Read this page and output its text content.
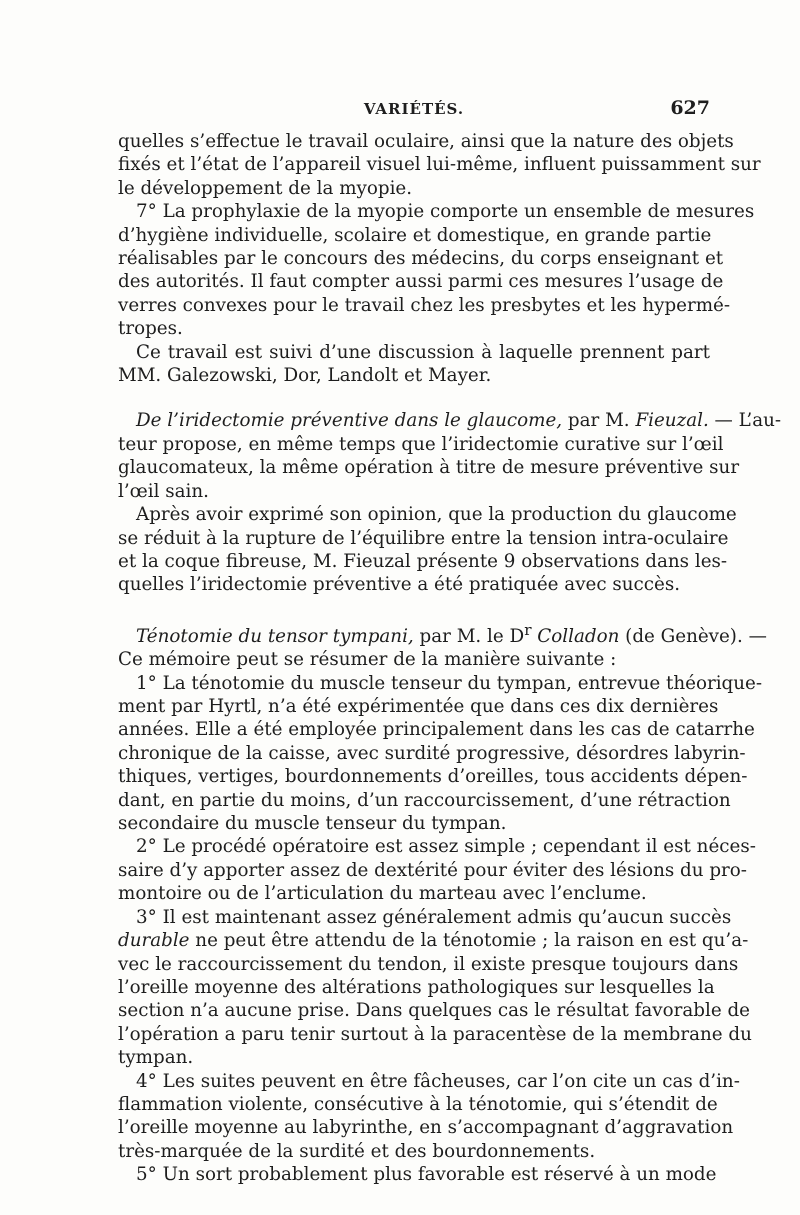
VARIÉTÉS.	627
quelles s’effectue le travail oculaire, ainsi que la nature des objets
fixés et l’état de l’appareil visuel lui-même, influent puissamment sur
le développement de la myopie.
7° La prophylaxie de la myopie comporte un ensemble de mesures
d’hygiène individuelle, scolaire et domestique, en grande partie
réalisables par le concours des médecins, du corps enseignant et
des autorités. Il faut compter aussi parmi ces mesures l’usage de
verres convexes pour le travail chez les presbytes et les hypermé-
tropes.
Ce travail est suivi d’une discussion à laquelle prennent part
MM. Galezowski, Dor, Landolt et Mayer.
De l’iridectomie préventive dans le glaucome, par M. Fieuzal. — L’au-
teur propose, en même temps que l’iridectomie curative sur l’œil
glaucomateux, la même opération à titre de mesure préventive sur
l’œil sain.
Après avoir exprimé son opinion, que la production du glaucome
se réduit à la rupture de l’équilibre entre la tension intra-oculaire
et la coque fibreuse, M. Fieuzal présente 9 observations dans les-
quelles l’iridectomie préventive a été pratiquée avec succès.
Ténotomie du tensor tympani, par M. le $D^r$ Colladon (de Genève). —
Ce mémoire peut se résumer de la manière suivante :
1° La ténotomie du muscle tenseur du tympan, entrevue théorique-
ment par Hyrtl, n’a été expérimentée que dans ces dix dernières
années. Elle a été employée principalement dans les cas de catarrhe
chronique de la caisse, avec surdité progressive, désordres labyrin-
thiques, vertiges, bourdonnements d’oreilles, tous accidents dépen-
dant, en partie du moins, d’un raccourcissement, d’une rétraction
secondaire du muscle tenseur du tympan.
2° Le procédé opératoire est assez simple ; cependant il est néces-
saire d’y apporter assez de dextérité pour éviter des lésions du pro-
montoire ou de l’articulation du marteau avec l’enclume.
3° Il est maintenant assez généralement admis qu’aucun succès
durable ne peut être attendu de la ténotomie ; la raison en est qu’a-
vec le raccourcissement du tendon, il existe presque toujours dans
l’oreille moyenne des altérations pathologiques sur lesquelles la
section n’a aucune prise. Dans quelques cas le résultat favorable de
l’opération a paru tenir surtout à la paracentèse de la membrane du
tympan.
4° Les suites peuvent en être fâcheuses, car l’on cite un cas d’in-
flammation violente, consécutive à la ténotomie, qui s’étendit de
l’oreille moyenne au labyrinthe, en s’accompagnant d’aggravation
très-marquée de la surdité et des bourdonnements.
5° Un sort probablement plus favorable est réservé à un mode
